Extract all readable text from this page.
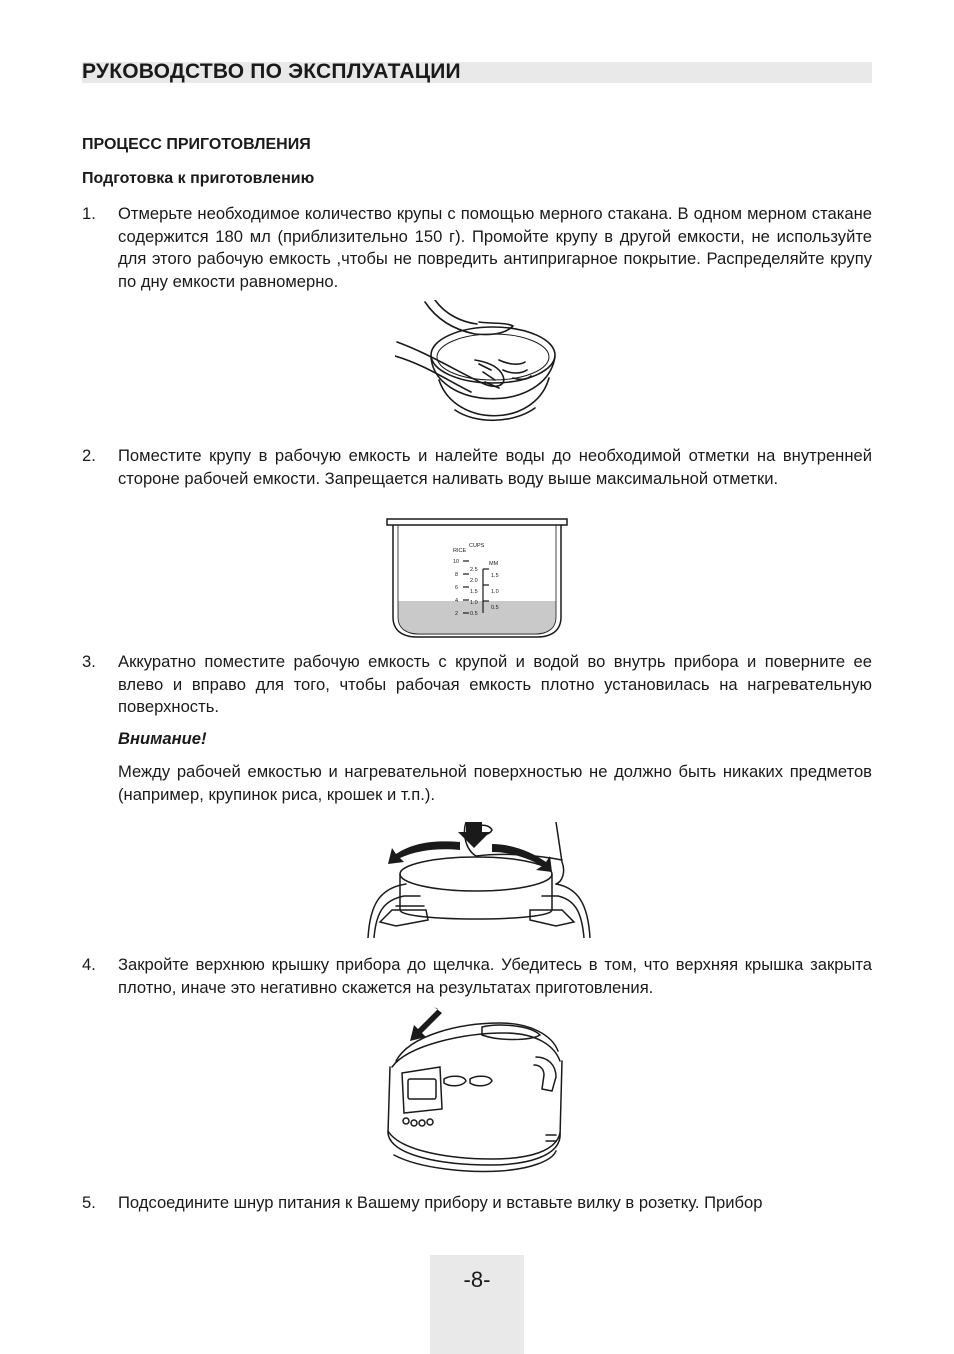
РУКОВОДСТВО ПО ЭКСПЛУАТАЦИИ
ПРОЦЕСС ПРИГОТОВЛЕНИЯ
Подготовка к приготовлению
1.	Отмерьте необходимое количество крупы с помощью мерного стакана. В одном мерном стакане содержится 180 мл (приблизительно 150 г). Промойте крупу в другой емкости, не используйте для этого рабочую емкость ,чтобы не повредить антипригарное покрытие. Распределяйте крупу по дну емкости равномерно.
2.	Поместите крупу в рабочую емкость и налейте воды до необходимой отметки на внутренней стороне рабочей емкости. Запрещается наливать воду выше максимальной отметки.
RICE
CUPS
10
8
6
4
2
2.5
2.0
1.5
1.0
0.5
MM
1.5
1.0
0.5
3.	Аккуратно поместите рабочую емкость с крупой и водой во внутрь прибора и поверните ее влево и вправо для того, чтобы рабочая емкость плотно установилась на нагревательную поверхность.
Внимание!
Между рабочей емкостью и нагревательной поверхностью не должно быть никаких предметов (например, крупинок риса, крошек и т.п.).
4.	Закройте верхнюю крышку прибора до щелчка. Убедитесь в том, что верхняя крышка закрыта плотно, иначе это негативно скажется на результатах приготовления.
5.	Подсоедините шнур питания к Вашему прибору и вставьте вилку в розетку. Прибор
-8-
